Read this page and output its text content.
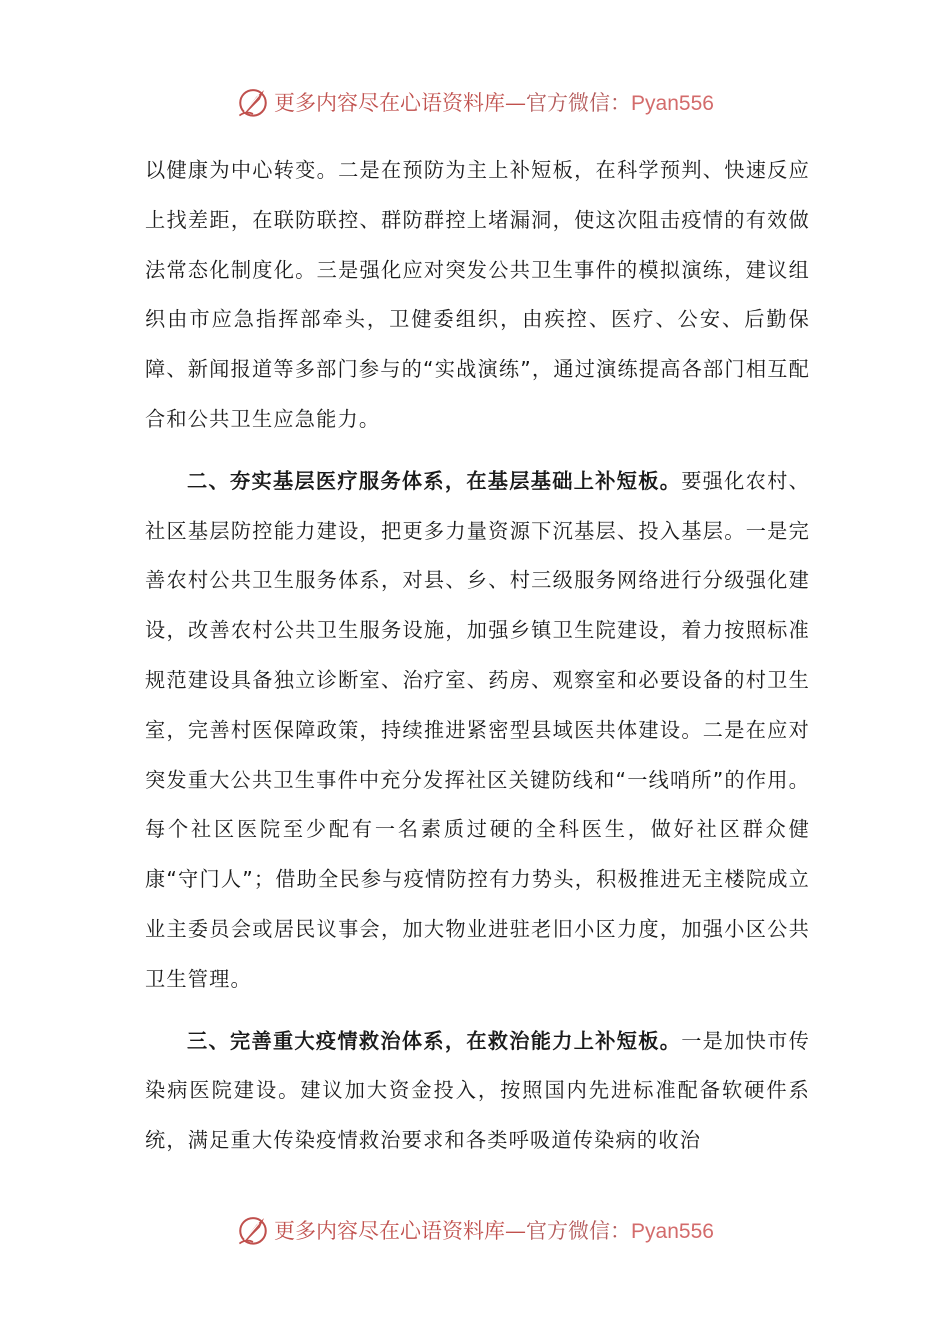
更多内容尽在心语资料库—官方微信：Pyan556

以健康为中心转变。二是在预防为主上补短板，在科学预判、快速反应上找差距，在联防联控、群防群控上堵漏洞，使这次阻击疫情的有效做法常态化制度化。三是强化应对突发公共卫生事件的模拟演练，建议组织由市应急指挥部牵头，卫健委组织，由疾控、医疗、公安、后勤保障、新闻报道等多部门参与的“实战演练”，通过演练提高各部门相互配合和公共卫生应急能力。

二、夯实基层医疗服务体系，在基层基础上补短板。要强化农村、社区基层防控能力建设，把更多力量资源下沉基层、投入基层。一是完善农村公共卫生服务体系，对县、乡、村三级服务网络进行分级强化建设，改善农村公共卫生服务设施，加强乡镇卫生院建设，着力按照标准规范建设具备独立诊断室、治疗室、药房、观察室和必要设备的村卫生室，完善村医保障政策，持续推进紧密型县域医共体建设。二是在应对突发重大公共卫生事件中充分发挥社区关键防线和“一线哨所”的作用。每个社区医院至少配有一名素质过硬的全科医生，做好社区群众健康“守门人”；借助全民参与疫情防控有力势头，积极推进无主楼院成立业主委员会或居民议事会，加大物业进驻老旧小区力度，加强小区公共卫生管理。

三、完善重大疫情救治体系，在救治能力上补短板。一是加快市传染病医院建设。建议加大资金投入，按照国内先进标准配备软硬件系统，满足重大传染疫情救治要求和各类呼吸道传染病的收治

更多内容尽在心语资料库—官方微信：Pyan556
